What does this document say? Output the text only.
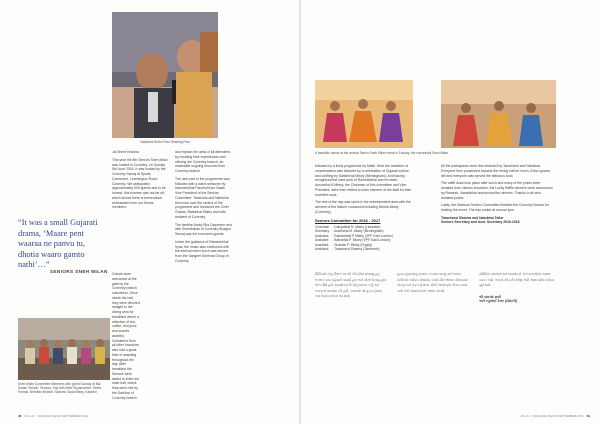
SENIORS SNEH MILAN
Satishbai Sethu Ravi Reading Ravi
“It was a small Gujarati drama, ‘Maare pent waaraa ne panvu tu, dhotia waaro gamto nathi’…”

Jai Shree Krishna

This year the 8th Seniors Sneh Milan was hosted in Coventry, on Sunday 5th June 2016. It was hosted by the Coventry Samaj at Sports Connexion, Leamington Road, Coventry. We anticipated approximately 500 guests and to be honest, this number was not far off, which shows there is tremendous enthusiasm from our Senior members.

Guests were welcomed at the gate by the Coventry branch volunteers. Once inside the hall, they were directed straight to the dining area for breakfast where a selection of tea, coffee, fruit juice and snacks awaited. Volunteers from all other branches also had a great time of assisting throughout the day. After breakfast the Seniors were asked to enter the main hall, where they were met by the Darbhar of Coventry branch.

and explain the aims of all attendees by recalling their experiences and offering the Coventry branch, an invaluable ongoing resource from Coventry branch.

The next part of the programme was followed with a warm welcome by Narotambhai Panchal from Nasik, Vice President of the Seniors Committee. Tansinhai and Natubhai then took over the control of the programme and honoured the Chief Guests, Babubhai Mistry and wife, resident of Coventry.

The familiar Aunty Rita Carpenter and wife Shreekshan of Coventry Bhagini Samaj was the honoured guests.

Under the guidance of Rameshbhai Vyas, the music also continued until the interval when lunch was served from the Sangeet Shehnai Group of Coventry.

Sneh Milan Committee Members with guest Sunday at Bal Sadan Temple. Seniors, Kaji with Balki Shyamantee, Seela Parmar, Nirmitan Bhavte, Santosh Sada Mistry, Kalwani
38 VOL 21 · MATHURA NEWS SEPTEMBER 2016
A beautiful dance at the annual Senior Sneh Milan event in Sunday, the successful Sneh Milan

followed by a lively programme by Mitali. Here the transition of conversations was followed by a celebration of Gujarati culture and clothing by Satishbhai Mistry (Birmingham). And having recognised the hard work of Rameshbhai and his team, Anuradha M Mistry, the Chairman of this committee and Vice President, were then invited to each member of the staff for their excellent work.

The rest of the day was spent in the entertainment area with the winners of the Nature crossword including Nirmla Mistry (Coventry).

Seniors Committee for 2016 - 2017
Chairman	- Dahyabhai N. Mistry (Leicester)
Secretary	- Aradhana M. Mistry (Birmingham)
Assistant	- Ramanbhai P Mistry (VPF East London)
Assistant	- Babubhai P. Mistry (VPF East London)
Assistant	- Shashin P. Mistry (Rugby)
Assistant	- Tarachand Sharma (Tamworth)

All the participants were then thanked by Tarachand and Natubhai. Everyone then proceeded towards the dining hall for lunch. A few spaces left and everyone was served the delicious food.

The raffle draw took place after lunch and many of the prizes were donated from various branches, the Lucky Raffle winners were announced by Ramesh. Vasantbhai announced the winners. Thanks to all who donated prizes.

Lastly, the Mathura Seniors Committee thanked the Coventry Branch for hosting the event. The day ended at around 4pm.

Tarachand Sharma and Natubhai Tailor
Seniors Secretary and Asst. Secretary 2016-2018
સિનિયર્સ સ્નેહ મિલન આ વર્ષે કોવેન્ટ્રીમાં યોજાયું હતું. લગભગ ૫૦૦ મહેમાનો પધાર્યા હતા અને સૌએ ઉત્સાહપૂર્વક ભાગ લીધો હતો. સ્વયંસેવકોએ સૌનું સ્વાગત કર્યું અને નાસ્તાની વ્યવસ્થા કરી હતી. ત્યારબાદ સૌ મુખ્ય હોલમાં ગયા જ્યાં કાર્યક્રમ શરૂ થયો.
મુખ્ય મહેમાનોનું સન્માન કરવામાં આવ્યું અને ભજન સંગીતનો કાર્યક્રમ યોજાયો. બપોરે સૌને ભોજન પીરસવામાં આવ્યું અને રાફલ ડ્રો થયો. સૌએ આનંદપૂર્વક દિવસ પસાર કર્યો અને આયોજકોનો આભાર માન્યો.
સમિતિના સભ્યોએ સર્વે સ્વયંસેવકો અને દાતાઓનો આભાર વ્યક્ત કર્યો. આવતા વર્ષે ફરી મળીશું એવી આશા સાથે કાર્યક્રમ પૂર્ણ થયો.
શ્રી તારાચંદ શર્મા
અને નટુભાઈ ટેલર (સેક્રેટરી)
VOL 21 · MATHURA NEWS SEPTEMBER 2016 39
